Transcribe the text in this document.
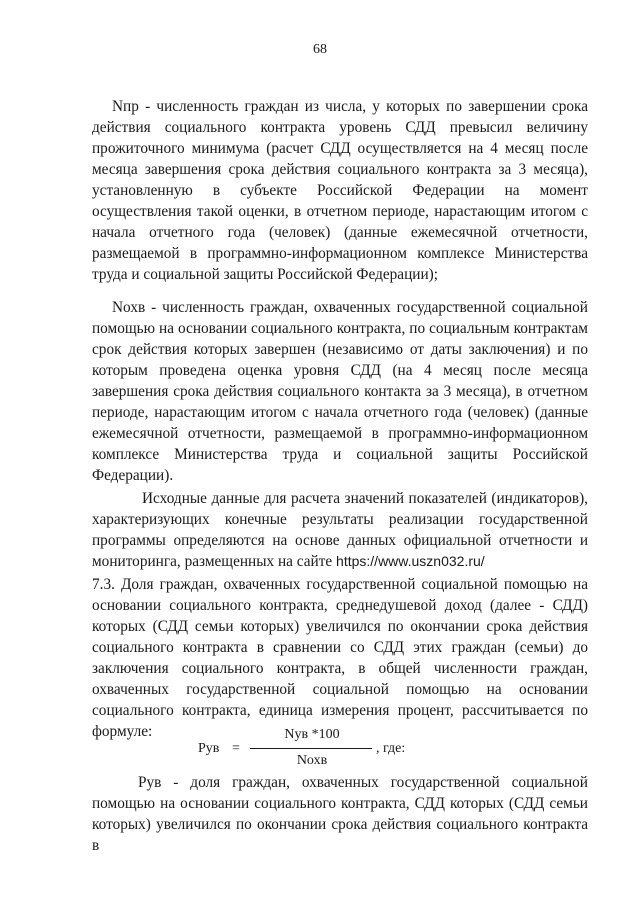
68

Nпр - численность граждан из числа, у которых по завершении срока действия социального контракта уровень СДД превысил величину прожиточного минимума (расчет СДД осуществляется на 4 месяц после месяца завершения срока действия социального контракта за 3 месяца), установленную в субъекте Российской Федерации на момент осуществления такой оценки, в отчетном периоде, нарастающим итогом с начала отчетного года (человек) (данные ежемесячной отчетности, размещаемой в программно-информационном комплексе Министерства труда и социальной защиты Российской Федерации);

Nохв - численность граждан, охваченных государственной социальной помощью на основании социального контракта, по социальным контрактам срок действия которых завершен (независимо от даты заключения) и по которым проведена оценка уровня СДД (на 4 месяц после месяца завершения срока действия социального контакта за 3 месяца), в отчетном периоде, нарастающим итогом с начала отчетного года (человек) (данные ежемесячной отчетности, размещаемой в программно-информационном комплексе Министерства труда и социальной защиты Российской Федерации).

Исходные данные для расчета значений показателей (индикаторов), характеризующих конечные результаты реализации государственной программы определяются на основе данных официальной отчетности и мониторинга, размещенных на сайте https://www.uszn032.ru/

7.3. Доля граждан, охваченных государственной социальной помощью на основании социального контракта, среднедушевой доход (далее - СДД) которых (СДД семьи которых) увеличился по окончании срока действия социального контракта в сравнении со СДД этих граждан (семьи) до заключения социального контракта, в общей численности граждан, охваченных государственной социальной помощью на основании социального контракта, единица измерения процент, рассчитывается по формуле:

Рув =
Nув *100
Nохв
, где:

Рув - доля граждан, охваченных государственной социальной помощью на основании социального контракта, СДД которых (СДД семьи которых) увеличился по окончании срока действия социального контракта в
